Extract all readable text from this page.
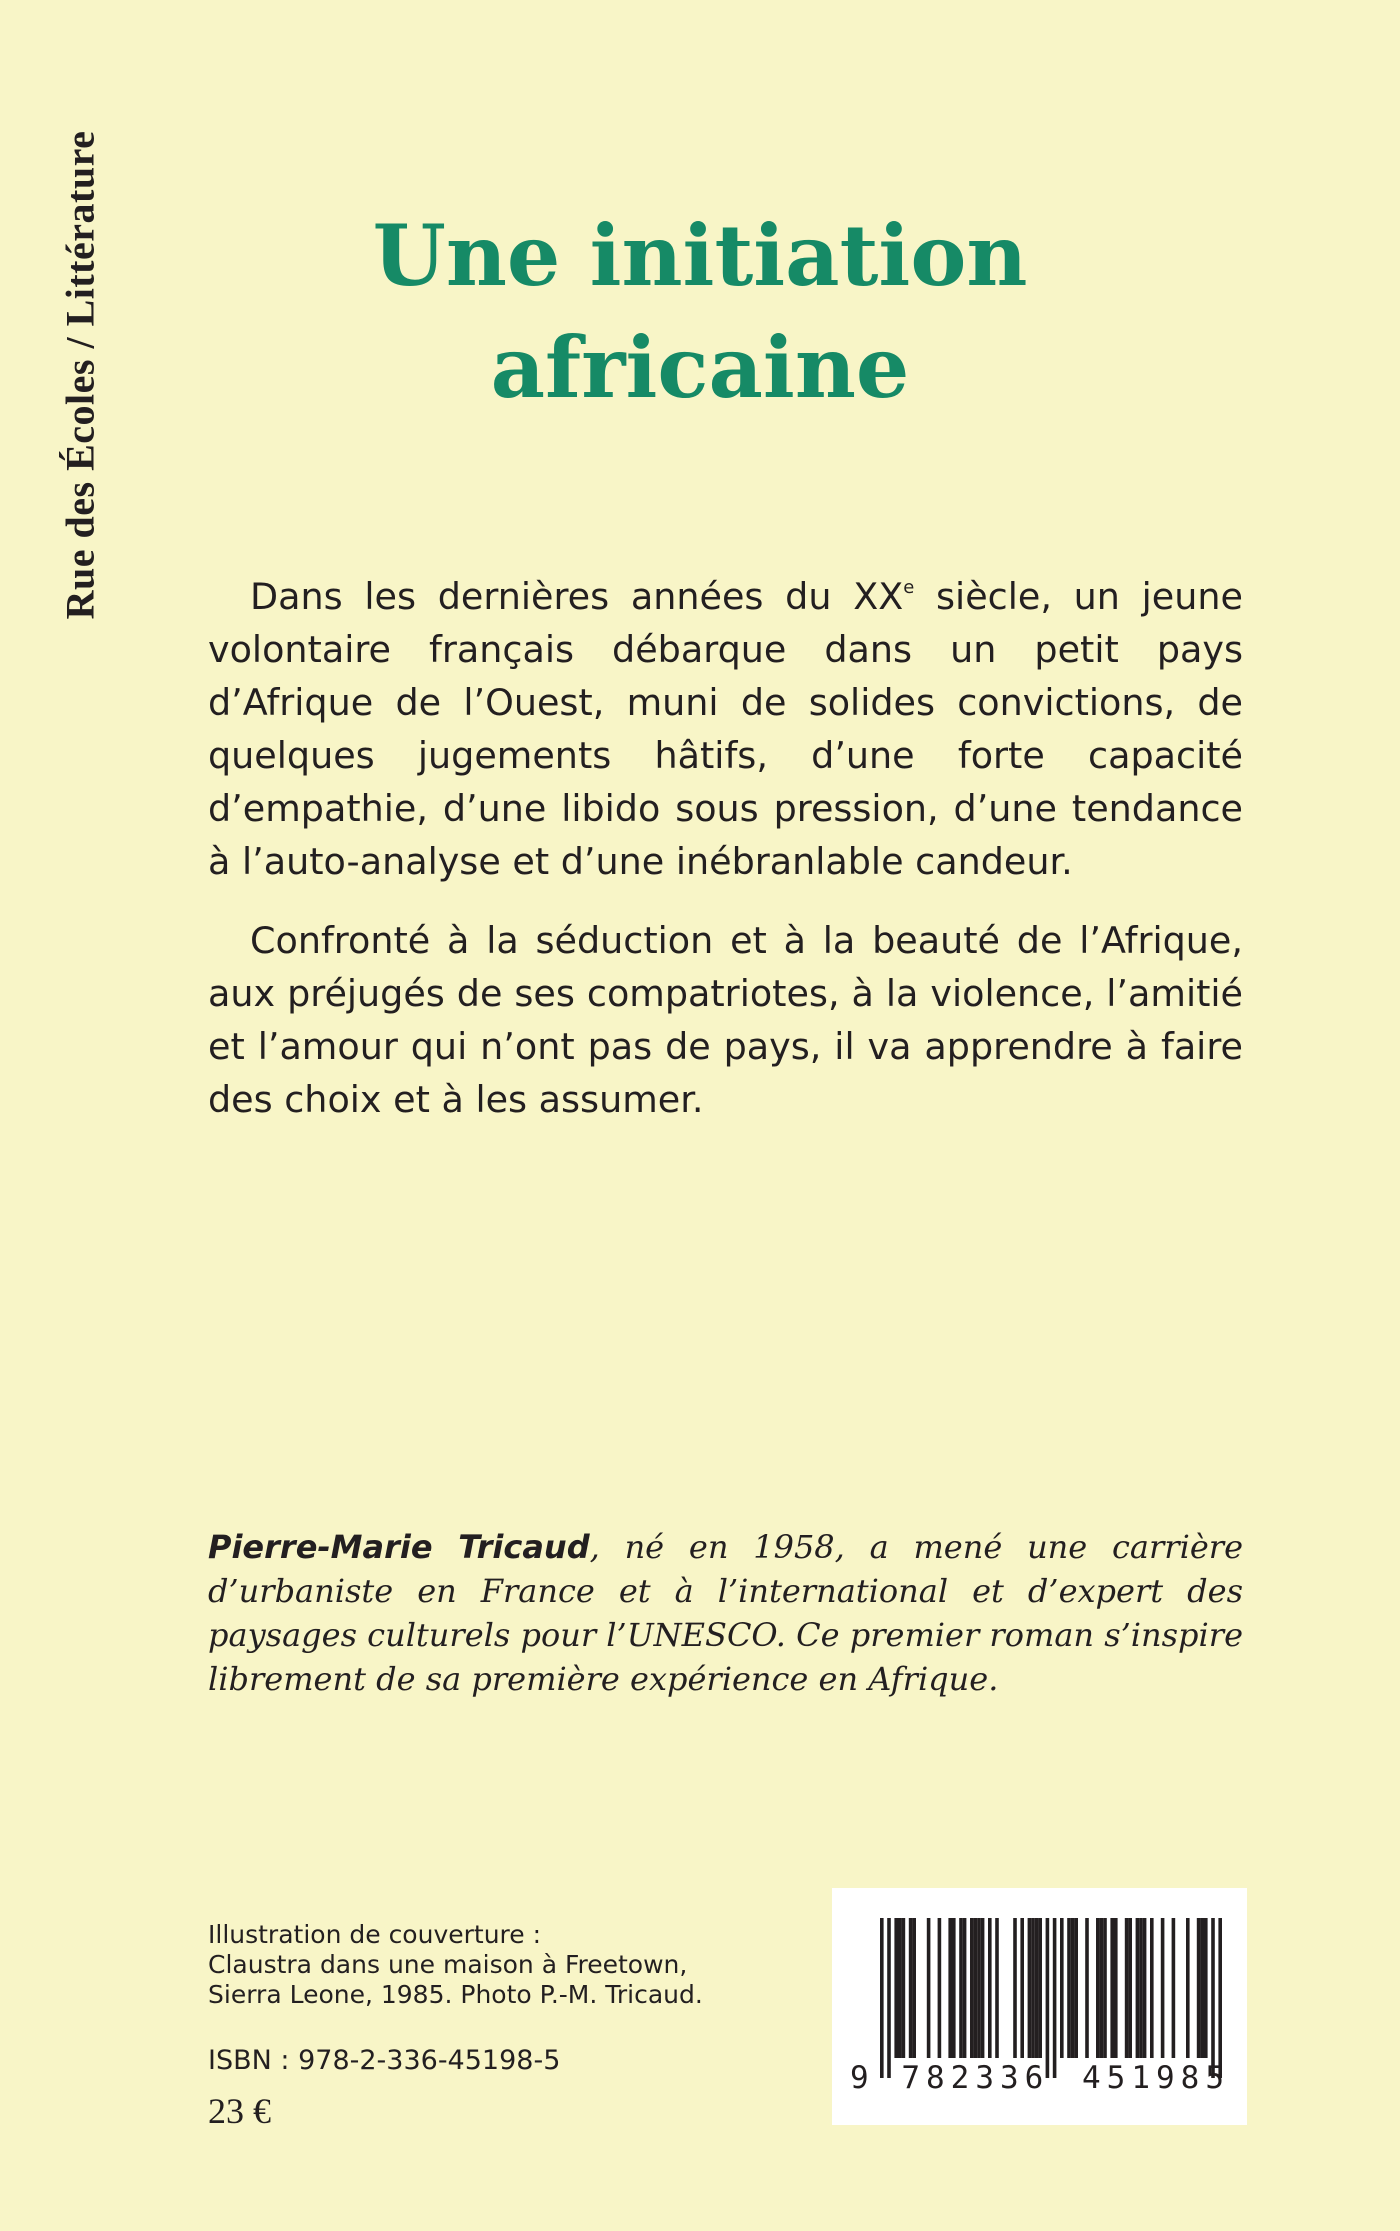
Rue des Écoles / Littérature	Une initiation
africaine

Dans les dernières années du XXe siècle, un jeune volontaire français débarque dans un petit pays d’Afrique de l’Ouest, muni de solides convictions, de quelques jugements hâtifs, d’une forte capacité d’empathie, d’une libido sous pression, d’une tendance à l’auto-analyse et d’une inébranlable candeur.

Confronté à la séduction et à la beauté de l’Afrique, aux préjugés de ses compatriotes, à la violence, l’amitié et l’amour qui n’ont pas de pays, il va apprendre à faire des choix et à les assumer.

Pierre-Marie Tricaud, né en 1958, a mené une carrière d’urbaniste en France et à l’international et d’expert des paysages culturels pour l’UNESCO. Ce premier roman s’inspire librement de sa première expérience en Afrique.

Illustration de couverture :
Claustra dans une maison à Freetown,
Sierra Leone, 1985. Photo P.-M. Tricaud.
ISBN : 978-2-336-45198-5
23 €
9 782336 451985
